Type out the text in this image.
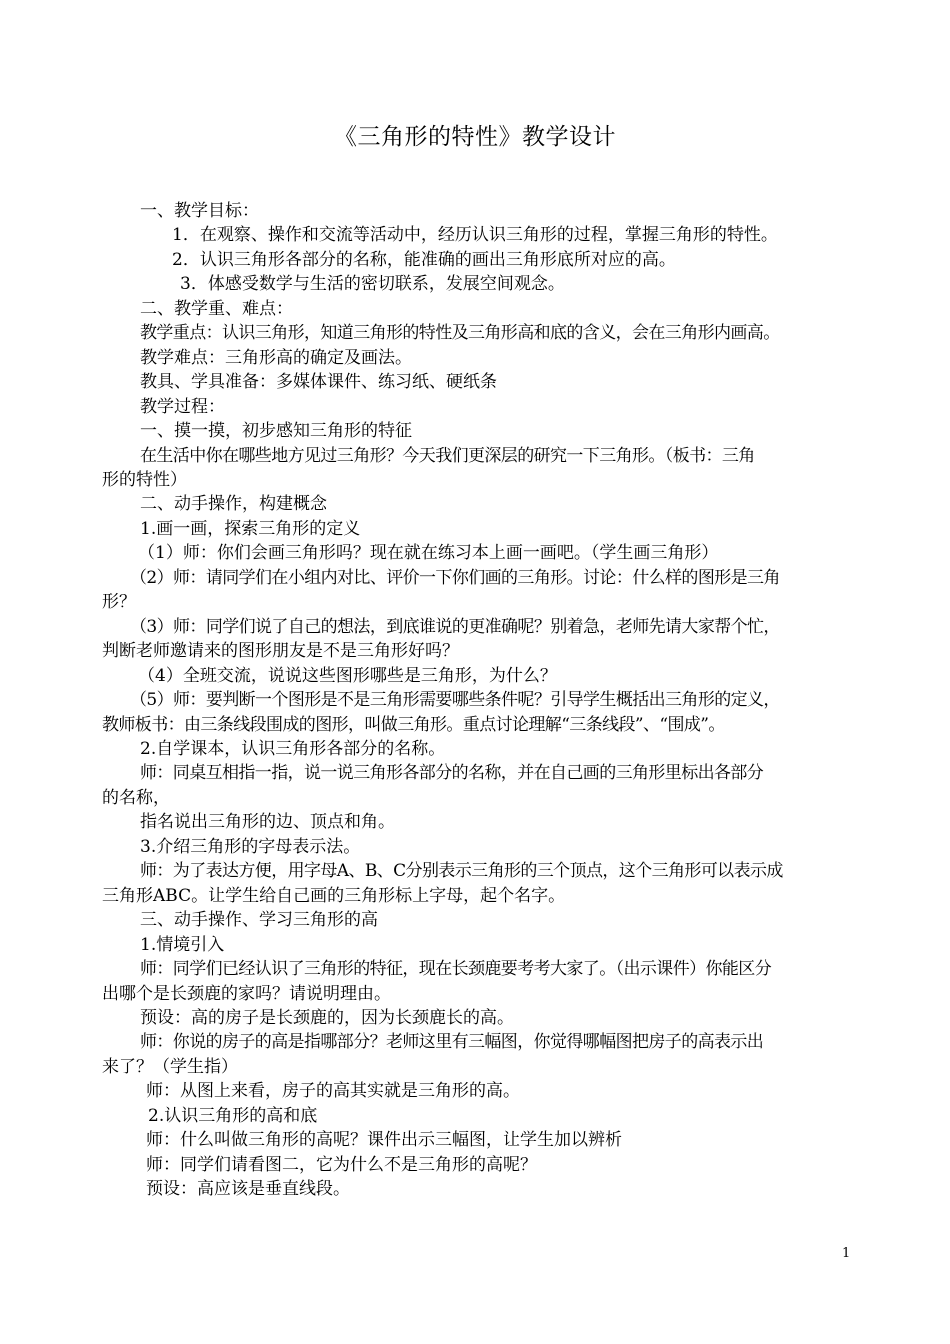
《三角形的特性》教学设计

一、教学目标：

1．在观察、操作和交流等活动中，经历认识三角形的过程，掌握三角形的特性。

2．认识三角形各部分的名称，能准确的画出三角形底所对应的高。

3．体感受数学与生活的密切联系，发展空间观念。

二、教学重、难点：

教学重点：认识三角形，知道三角形的特性及三角形高和底的含义，会在三角形内画高。

教学难点：三角形高的确定及画法。

教具、学具准备：多媒体课件、练习纸、硬纸条

教学过程：

一、摸一摸，初步感知三角形的特征

在生活中你在哪些地方见过三角形？今天我们更深层的研究一下三角形。（板书：三角

形的特性）

二、动手操作，构建概念

1.画一画，探索三角形的定义

（1）师：你们会画三角形吗？现在就在练习本上画一画吧。（学生画三角形）

（2）师：请同学们在小组内对比、评价一下你们画的三角形。讨论：什么样的图形是三角

形？

（3）师：同学们说了自己的想法，到底谁说的更准确呢？别着急，老师先请大家帮个忙，

判断老师邀请来的图形朋友是不是三角形好吗？

（4）全班交流，说说这些图形哪些是三角形，为什么？

（5）师：要判断一个图形是不是三角形需要哪些条件呢？引导学生概括出三角形的定义，

教师板书：由三条线段围成的图形，叫做三角形。重点讨论理解“三条线段”、“围成”。

2.自学课本，认识三角形各部分的名称。

师：同桌互相指一指，说一说三角形各部分的名称，并在自己画的三角形里标出各部分

的名称，

指名说出三角形的边、顶点和角。

3.介绍三角形的字母表示法。

师：为了表达方便，用字母A、B、C分别表示三角形的三个顶点，这个三角形可以表示成

三角形ABC。让学生给自己画的三角形标上字母，起个名字。

三、动手操作、学习三角形的高

1.情境引入

师：同学们已经认识了三角形的特征，现在长颈鹿要考考大家了。（出示课件）你能区分

出哪个是长颈鹿的家吗？请说明理由。

预设：高的房子是长颈鹿的，因为长颈鹿长的高。

师：你说的房子的高是指哪部分？老师这里有三幅图，你觉得哪幅图把房子的高表示出

来了？（学生指）

师：从图上来看，房子的高其实就是三角形的高。

2.认识三角形的高和底

师：什么叫做三角形的高呢？课件出示三幅图，让学生加以辨析

师：同学们请看图二，它为什么不是三角形的高呢？

预设：高应该是垂直线段。

1
